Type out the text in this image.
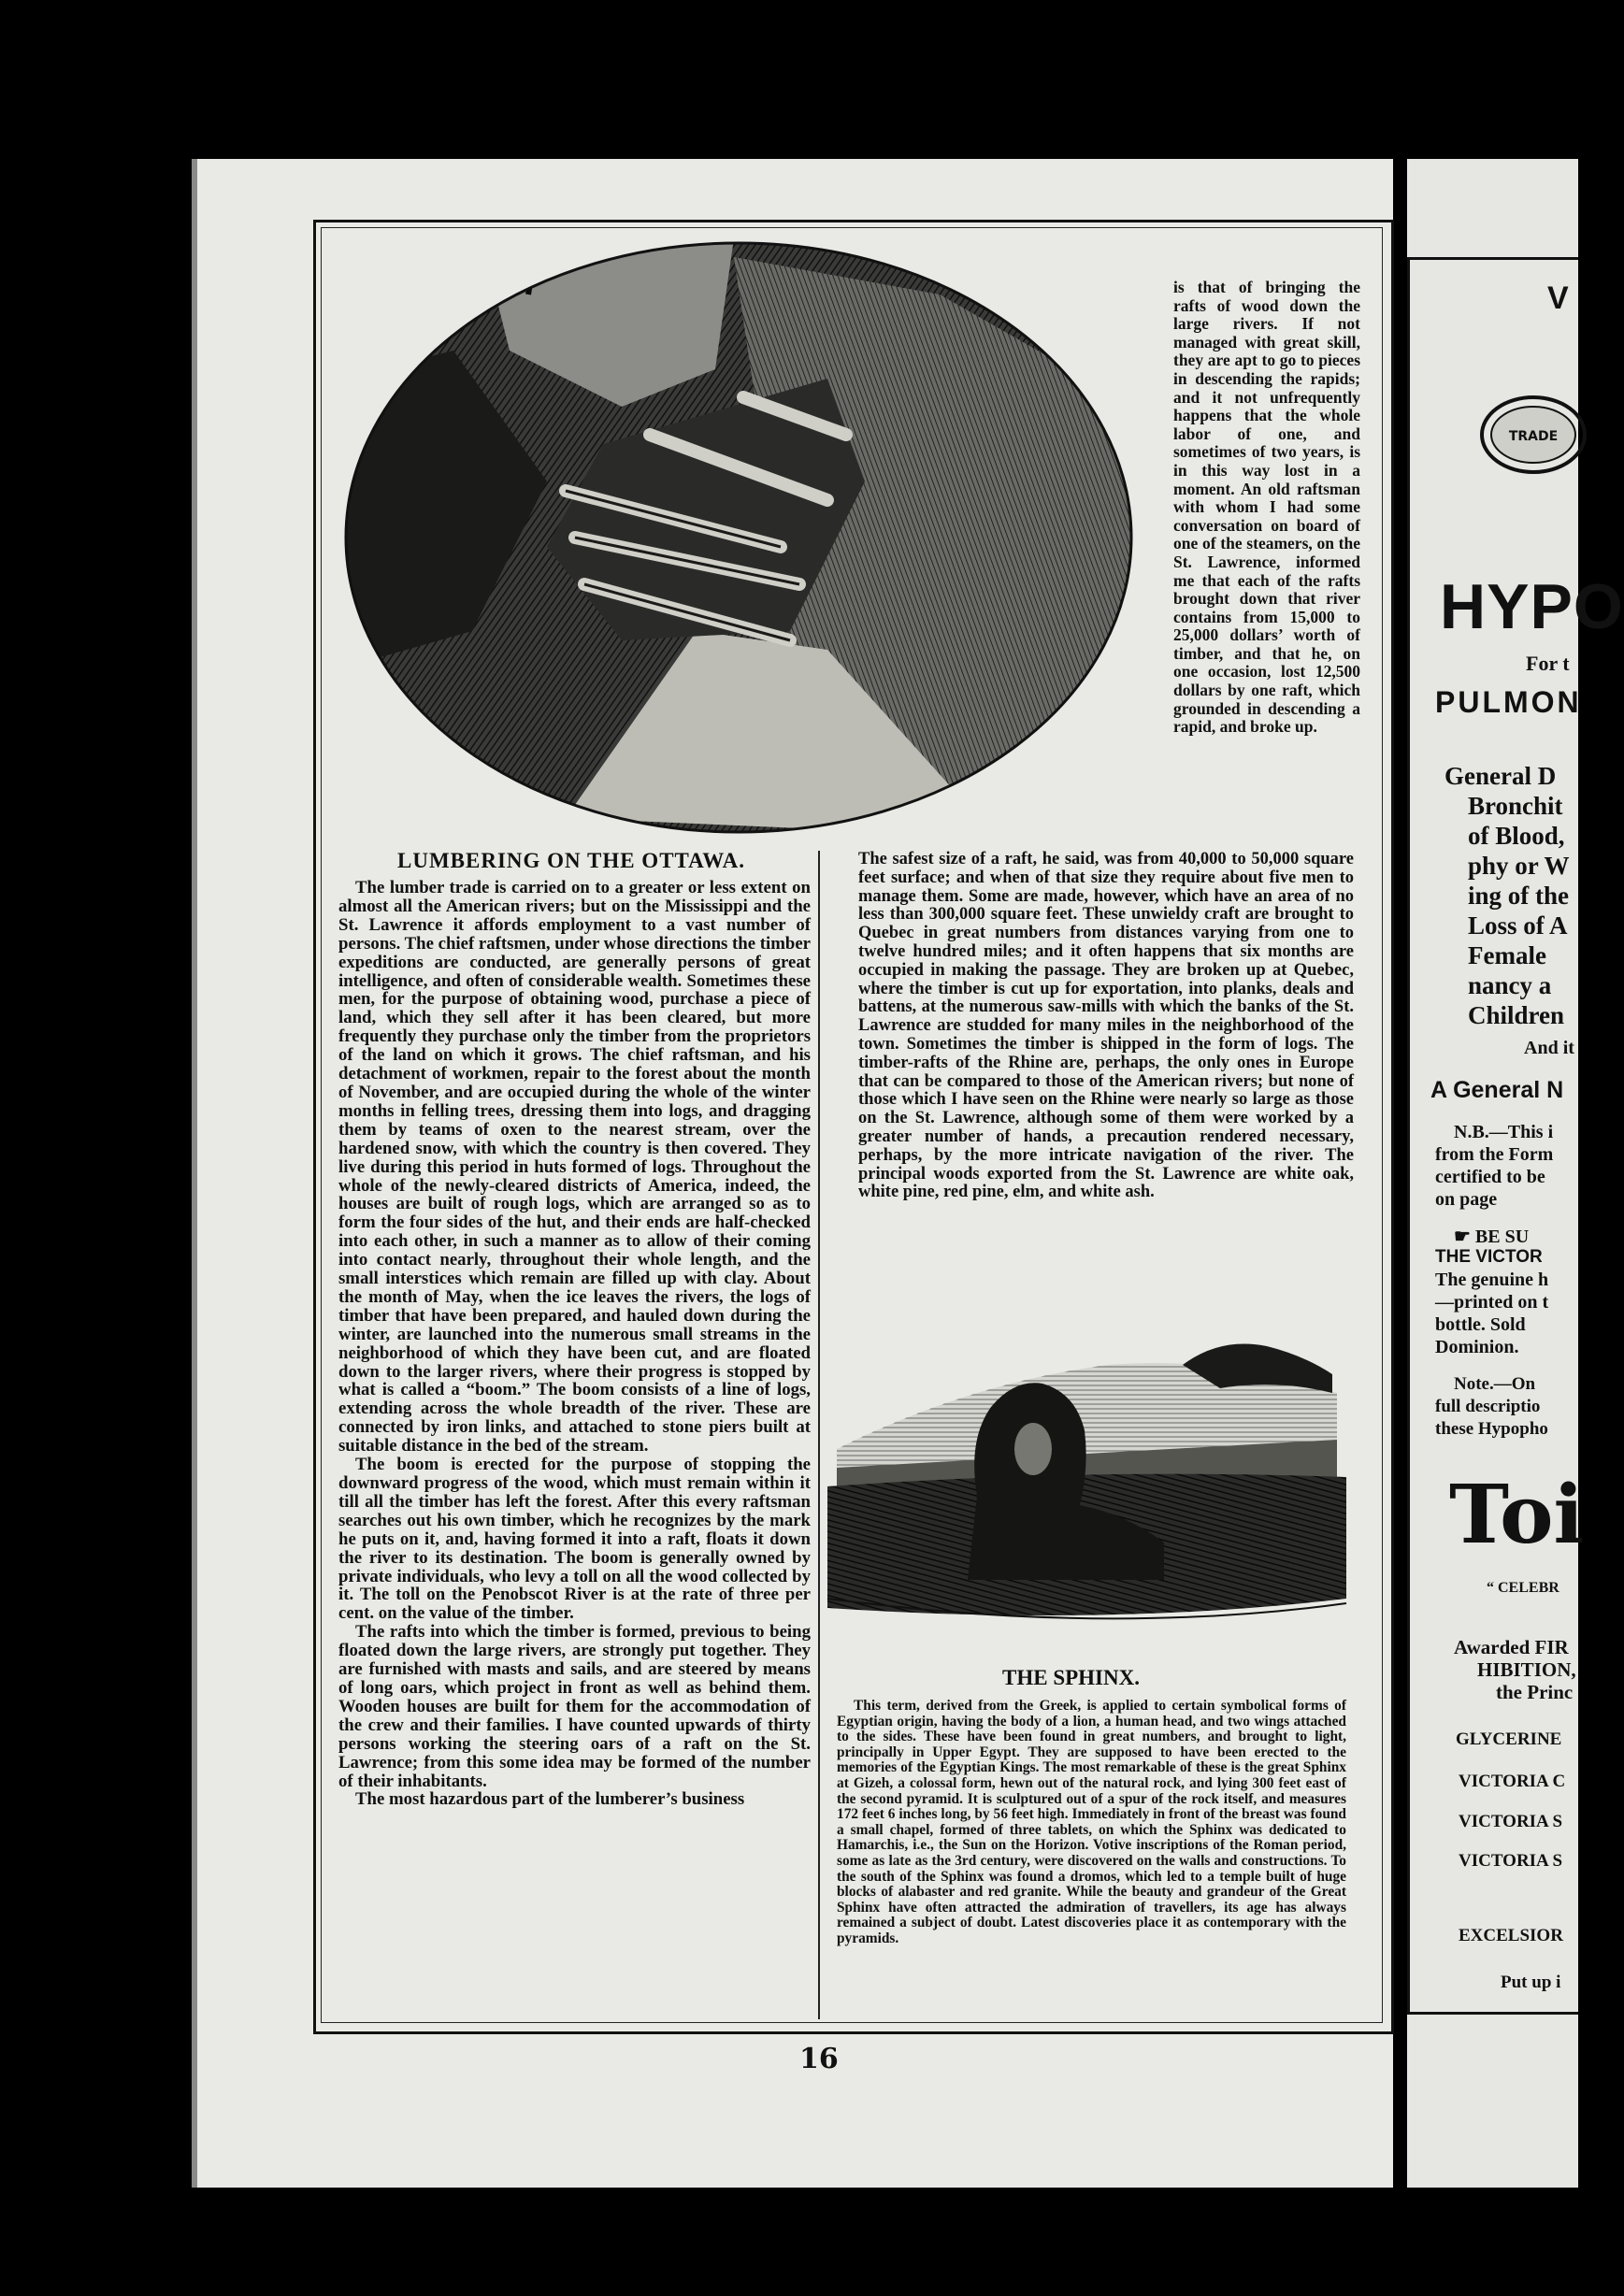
LUMBERING ON THE OTTAWA.

The lumber trade is carried on to a greater or less extent on almost all the American rivers; but on the Mississippi and the St. Lawrence it affords employment to a vast number of persons. The chief raftsmen, under whose directions the timber expeditions are conducted, are generally persons of great intelligence, and often of considerable wealth. Sometimes these men, for the purpose of obtaining wood, purchase a piece of land, which they sell after it has been cleared, but more frequently they purchase only the timber from the proprietors of the land on which it grows. The chief raftsman, and his detachment of workmen, repair to the forest about the month of November, and are occupied during the whole of the winter months in felling trees, dressing them into logs, and dragging them by teams of oxen to the nearest stream, over the hardened snow, with which the country is then covered. They live during this period in huts formed of logs. Throughout the whole of the newly-cleared districts of America, indeed, the houses are built of rough logs, which are arranged so as to form the four sides of the hut, and their ends are half-checked into each other, in such a manner as to allow of their coming into contact nearly, throughout their whole length, and the small interstices which remain are filled up with clay. About the month of May, when the ice leaves the rivers, the logs of timber that have been prepared, and hauled down during the winter, are launched into the numerous small streams in the neighborhood of which they have been cut, and are floated down to the larger rivers, where their progress is stopped by what is called a “boom.” The boom consists of a line of logs, extending across the whole breadth of the river. These are connected by iron links, and attached to stone piers built at suitable distance in the bed of the stream.

The boom is erected for the purpose of stopping the downward progress of the wood, which must remain within it till all the timber has left the forest. After this every raftsman searches out his own timber, which he recognizes by the mark he puts on it, and, having formed it into a raft, floats it down the river to its destination. The boom is generally owned by private individuals, who levy a toll on all the wood collected by it. The toll on the Penobscot River is at the rate of three per cent. on the value of the timber.

The rafts into which the timber is formed, previous to being floated down the large rivers, are strongly put together. They are furnished with masts and sails, and are steered by means of long oars, which project in front as well as behind them. Wooden houses are built for them for the accommodation of the crew and their families. I have counted upwards of thirty persons working the steering oars of a raft on the St. Lawrence; from this some idea may be formed of the number of their inhabitants.

The most hazardous part of the lumberer’s business

is that of bringing the rafts of wood down the large rivers. If not managed with great skill, they are apt to go to pieces in descending the rapids; and it not unfrequently happens that the whole labor of one, and sometimes of two years, is in this way lost in a moment. An old raftsman with whom I had some conversation on board of one of the steamers, on the St. Lawrence, informed me that each of the rafts brought down that river contains from 15,000 to 25,000 dollars’ worth of timber, and that he, on one occasion, lost 12,500 dollars by one raft, which grounded in descending a rapid, and broke up.

The safest size of a raft, he said, was from 40,000 to 50,000 square feet surface; and when of that size they require about five men to manage them. Some are made, however, which have an area of no less than 300,000 square feet. These unwieldy craft are brought to Quebec in great numbers from distances varying from one to twelve hundred miles; and it often happens that six months are occupied in making the passage. They are broken up at Quebec, where the timber is cut up for exportation, into planks, deals and battens, at the numerous saw-mills with which the banks of the St. Lawrence are studded for many miles in the neighborhood of the town. Sometimes the timber is shipped in the form of logs. The timber-rafts of the Rhine are, perhaps, the only ones in Europe that can be compared to those of the American rivers; but none of those which I have seen on the Rhine were nearly so large as those on the St. Lawrence, although some of them were worked by a greater number of hands, a precaution rendered necessary, perhaps, by the more intricate navigation of the river. The principal woods exported from the St. Lawrence are white oak, white pine, red pine, elm, and white ash.

THE SPHINX.

This term, derived from the Greek, is applied to certain symbolical forms of Egyptian origin, having the body of a lion, a human head, and two wings attached to the sides. These have been found in great numbers, and brought to light, principally in Upper Egypt. They are supposed to have been erected to the memories of the Egyptian Kings. The most remarkable of these is the great Sphinx at Gizeh, a colossal form, hewn out of the natural rock, and lying 300 feet east of the second pyramid. It is sculptured out of a spur of the rock itself, and measures 172 feet 6 inches long, by 56 feet high. Immediately in front of the breast was found a small chapel, formed of three tablets, on which the Sphinx was dedicated to Hamarchis, i.e., the Sun on the Horizon. Votive inscriptions of the Roman period, some as late as the 3rd century, were discovered on the walls and constructions. To the south of the Sphinx was found a dromos, which led to a temple built of huge blocks of alabaster and red granite. While the beauty and grandeur of the Great Sphinx have often attracted the admiration of travellers, its age has always remained a subject of doubt. Latest discoveries place it as contemporary with the pyramids.

16
TRADE
V
HYPO
For t
PULMON
General D
Bronchit
of Blood,
phy or W
ing of the
Loss of A
Female
nancy a
Children
And it
A General N
N.B.—This i
from the Form
certified to be
on page
☛ BE SU
THE VICTOR
The genuine h
—printed on t
bottle. Sold
Dominion.
Note.—On
full descriptio
these Hypopho
Toi
“ CELEBR
Awarded FIR
HIBITION,
the Princ
GLYCERINE
VICTORIA C
VICTORIA S
VICTORIA S
EXCELSIOR
Put up i
